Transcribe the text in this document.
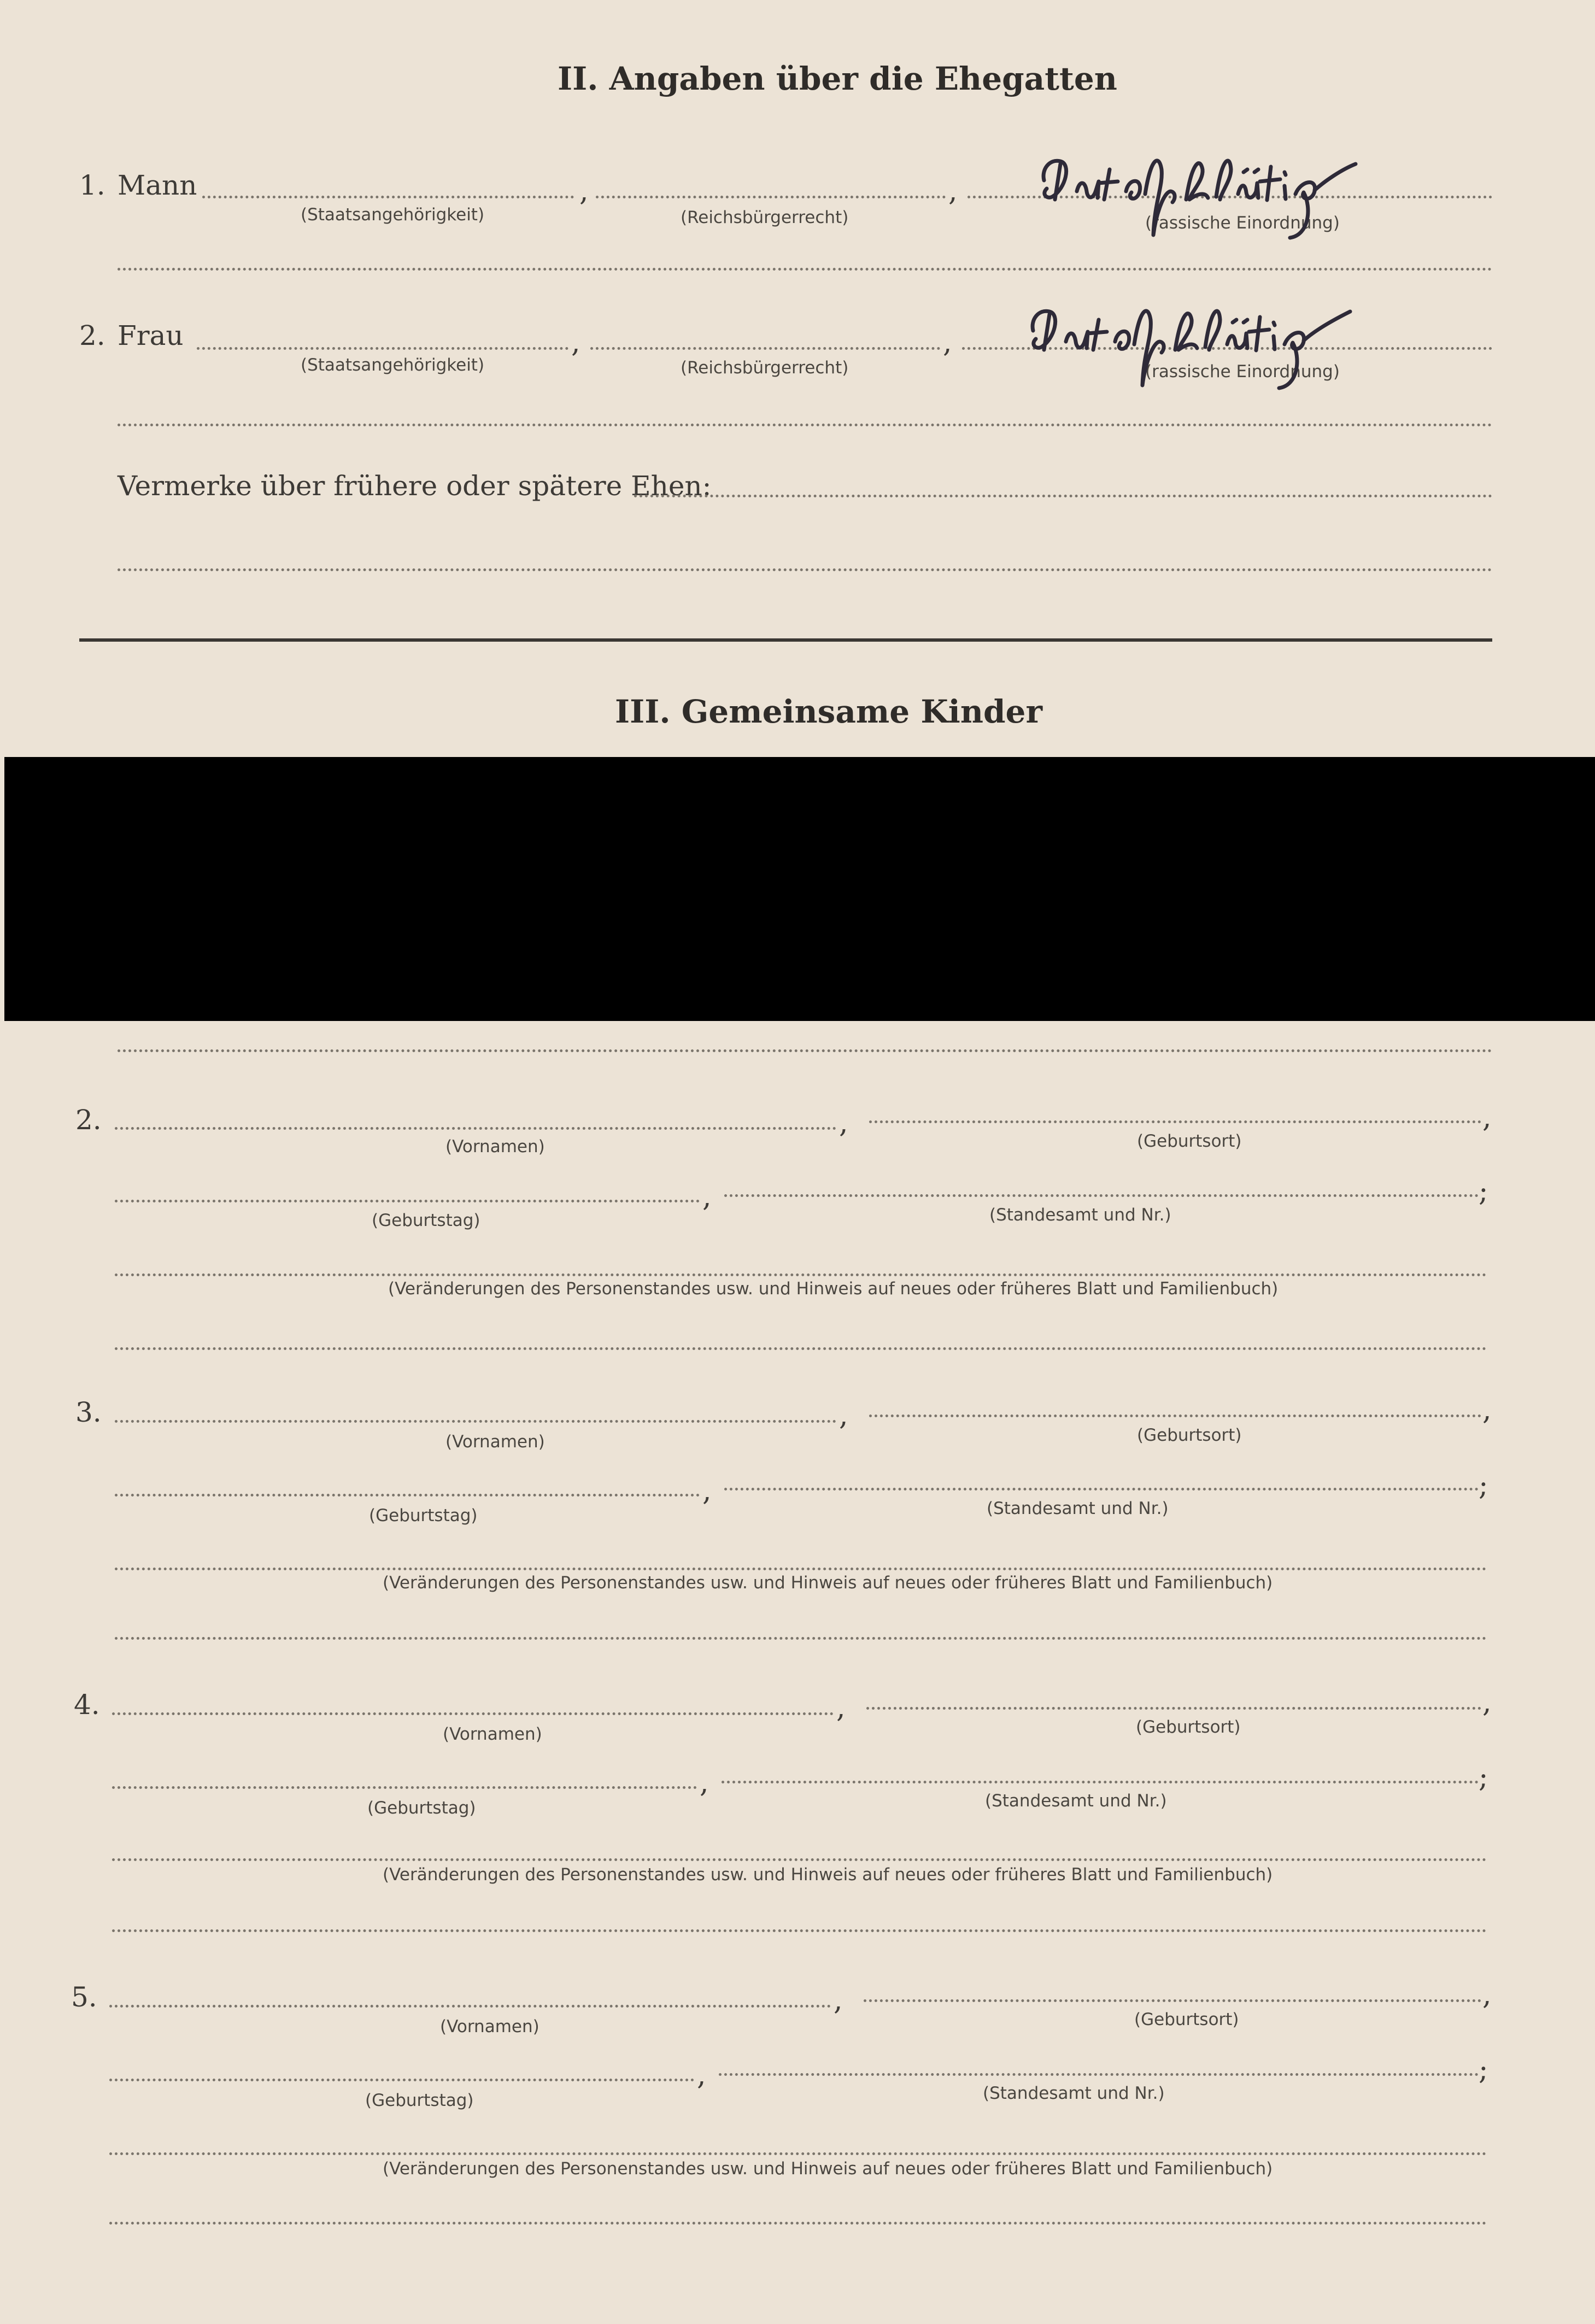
II. Angaben über die Ehegatten
1. Mann	,	,
(Staatsangehörigkeit)	(Reichsbürgerrecht)	(rassische Einordnung)
2. Frau	,	,
(Staatsangehörigkeit)	(Reichsbürgerrecht)	(rassische Einordnung)
Vermerke über frühere oder spätere Ehen:
III. Gemeinsame Kinder
2.	,	,
(Vornamen)	(Geburtsort)
,	;
(Geburtstag)	(Standesamt und Nr.)
(Veränderungen des Personenstandes usw. und Hinweis auf neues oder früheres Blatt und Familienbuch)
3.	,	,
(Vornamen)	(Geburtsort)
,	;
(Geburtstag)	(Standesamt und Nr.)
(Veränderungen des Personenstandes usw. und Hinweis auf neues oder früheres Blatt und Familienbuch)
4.	,	,
(Vornamen)	(Geburtsort)
,	;
(Geburtstag)	(Standesamt und Nr.)
(Veränderungen des Personenstandes usw. und Hinweis auf neues oder früheres Blatt und Familienbuch)
5.	,	,
(Vornamen)	(Geburtsort)
,	;
(Geburtstag)	(Standesamt und Nr.)
(Veränderungen des Personenstandes usw. und Hinweis auf neues oder früheres Blatt und Familienbuch)
